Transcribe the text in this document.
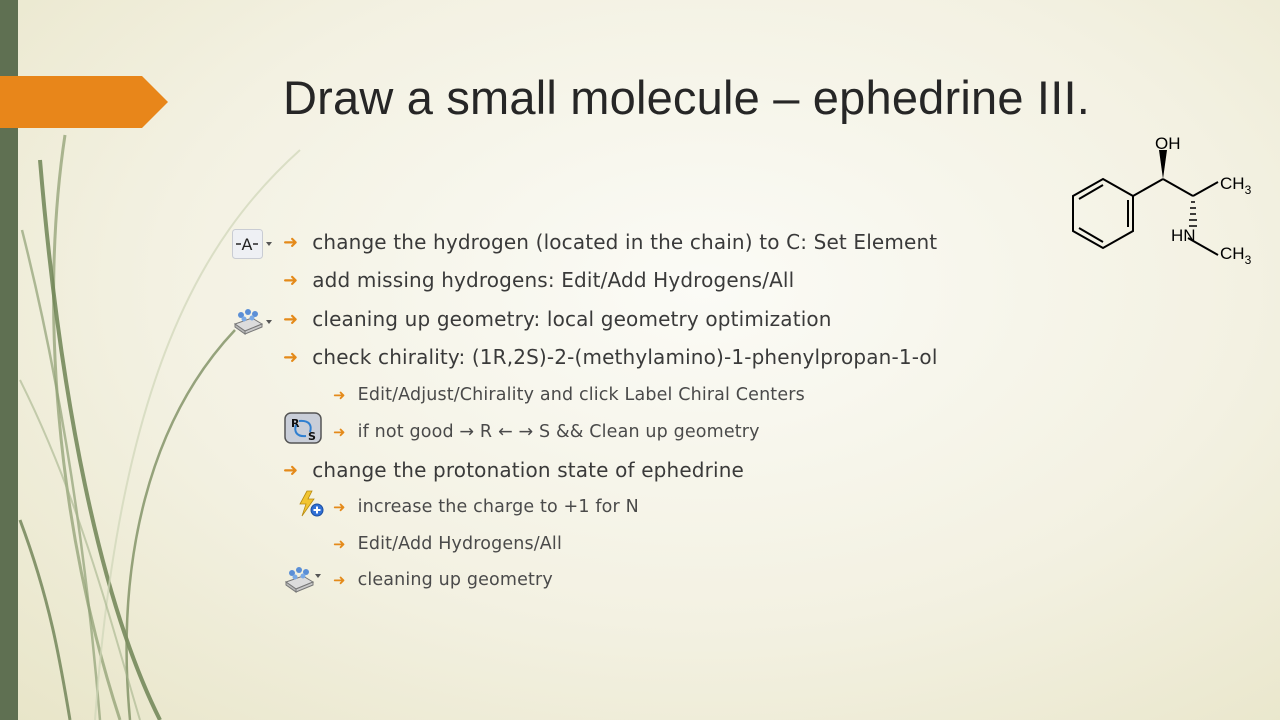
Draw a small molecule – ephedrine III.
OH
$CH_3$
HN
$CH_3$
A
R
S
➜ change the hydrogen (located in the chain) to C: Set Element
➜ add missing hydrogens: Edit/Add Hydrogens/All
➜ cleaning up geometry: local geometry optimization
➜ check chirality: (1R,2S)-2-(methylamino)-1-phenylpropan-1-ol
➜ Edit/Adjust/Chirality and click Label Chiral Centers
➜ if not good → R ← → S && Clean up geometry
➜ change the protonation state of ephedrine
➜ increase the charge to +1 for N
➜ Edit/Add Hydrogens/All
➜ cleaning up geometry
